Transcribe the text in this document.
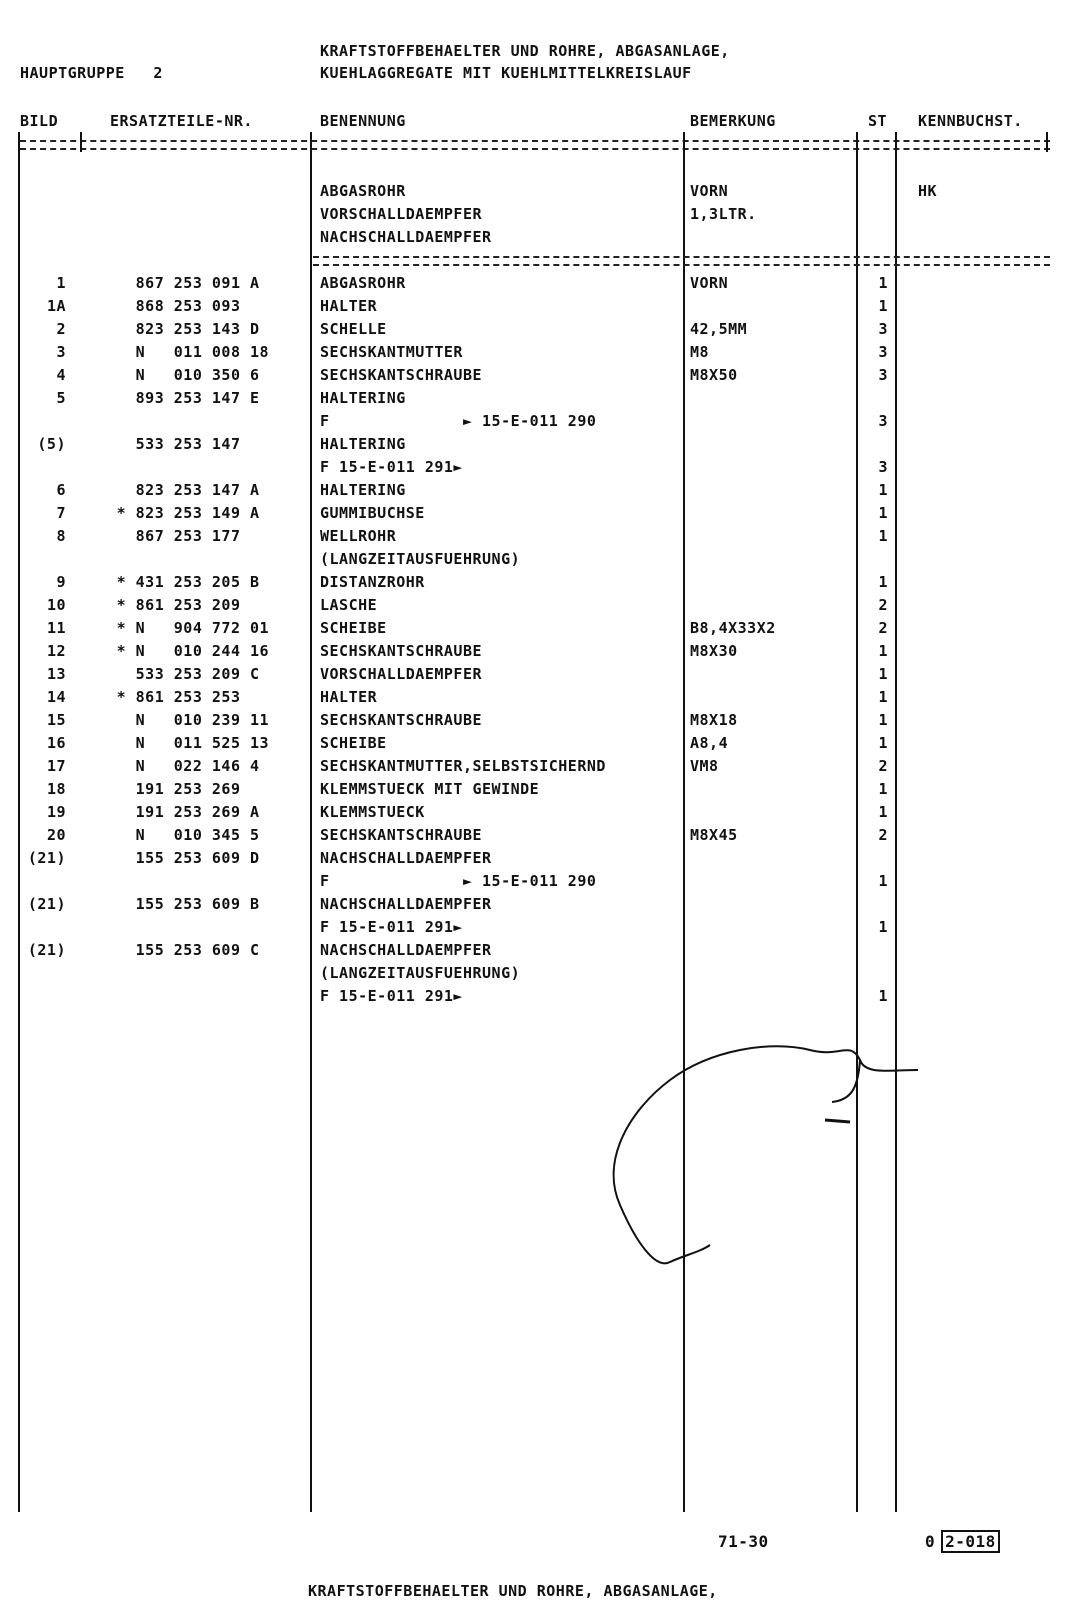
KRAFTSTOFFBEHAELTER UND ROHRE, ABGASANLAGE,
HAUPTGRUPPE   2	KUEHLAGGREGATE MIT KUEHLMITTELKREISLAUF
BILD	ERSATZTEILE-NR.	BENENNUNG	BEMERKUNG	ST KENNBUCHST.
ABGASROHR	VORN	HK
VORSCHALLDAEMPFER	1,3LTR.
NACHSCHALLDAEMPFER
1 867 253 091 A	ABGASROHR	VORN	1
1A 868 253 093	HALTER	1
2 823 253 143 D	SCHELLE	42,5MM	3
3 N   011 008 18	SECHSKANTMUTTER	M8	3
4 N   010 350 6	SECHSKANTSCHRAUBE	M8X50	3
5 893 253 147 E	HALTERING
F              ► 15-E-011 290	3
(5) 533 253 147	HALTERING
F 15-E-011 291►	3
6 823 253 147 A	HALTERING	1
7 * 823 253 149 A	GUMMIBUCHSE	1
8 867 253 177	WELLROHR	1
(LANGZEITAUSFUEHRUNG)
9 * 431 253 205 B	DISTANZROHR	1
10 * 861 253 209	LASCHE	2
11 * N   904 772 01	SCHEIBE	B8,4X33X2	2
12 * N   010 244 16	SECHSKANTSCHRAUBE	M8X30	1
13 533 253 209 C	VORSCHALLDAEMPFER	1
14 * 861 253 253	HALTER	1
15 N   010 239 11	SECHSKANTSCHRAUBE	M8X18	1
16 N   011 525 13	SCHEIBE	A8,4	1
17 N   022 146 4	SECHSKANTMUTTER,SELBSTSICHERND	VM8	2
18 191 253 269	KLEMMSTUECK MIT GEWINDE	1
19 191 253 269 A	KLEMMSTUECK	1
20 N   010 345 5	SECHSKANTSCHRAUBE	M8X45	2
(21) 155 253 609 D	NACHSCHALLDAEMPFER
F              ► 15-E-011 290	1
(21) 155 253 609 B	NACHSCHALLDAEMPFER
F 15-E-011 291►	1
(21) 155 253 609 C	NACHSCHALLDAEMPFER
(LANGZEITAUSFUEHRUNG)
F 15-E-011 291►	1
71-30	0 2-018
KRAFTSTOFFBEHAELTER UND ROHRE, ABGASANLAGE,
